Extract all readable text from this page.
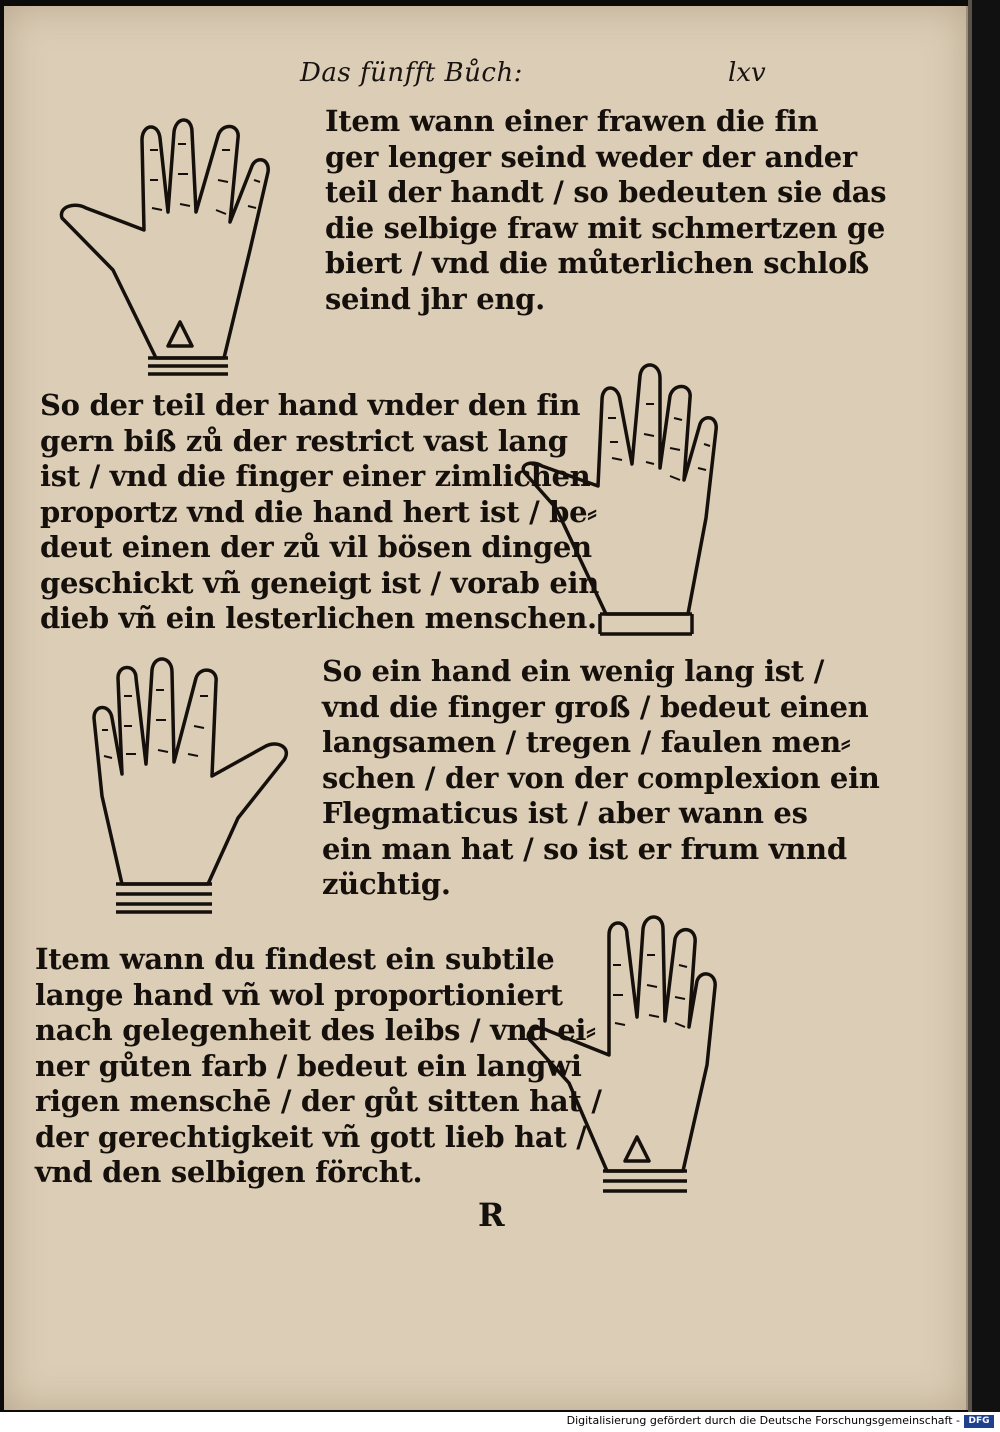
Das fünfft Bůch:	lxv
Item wann einer frawen die fin
ger lenger seind weder der ander
teil der handt / so bedeuten sie das
die selbige fraw mit schmertzen ge
biert / vnd die můterlichen schloß
seind jhr eng.
So der teil der hand vnder den fin
gern biß zů der restrict vast lang
ist / vnd die finger einer zimlichen
proportz vnd die hand hert ist / be⸗
deut einen der zů vil bösen dingen
geschickt vñ geneigt ist / vorab ein
dieb vñ ein lesterlichen menschen.
So ein hand ein wenig lang ist /
vnd die finger groß / bedeut einen
langsamen / tregen / faulen men⸗
schen / der von der complexion ein
Flegmaticus ist / aber wann es
ein man hat / so ist er frum vnnd
züchtig.
Item wann du findest ein subtile
lange hand vñ wol proportioniert
nach gelegenheit des leibs / vnd ei⸗
ner gůten farb / bedeut ein langwi
rigen menschē / der gůt sitten hat /
der gerechtigkeit vñ gott lieb hat /
vnd den selbigen förcht.
R
Digitalisierung gefördert durch die Deutsche Forschungsgemeinschaft - DFG
